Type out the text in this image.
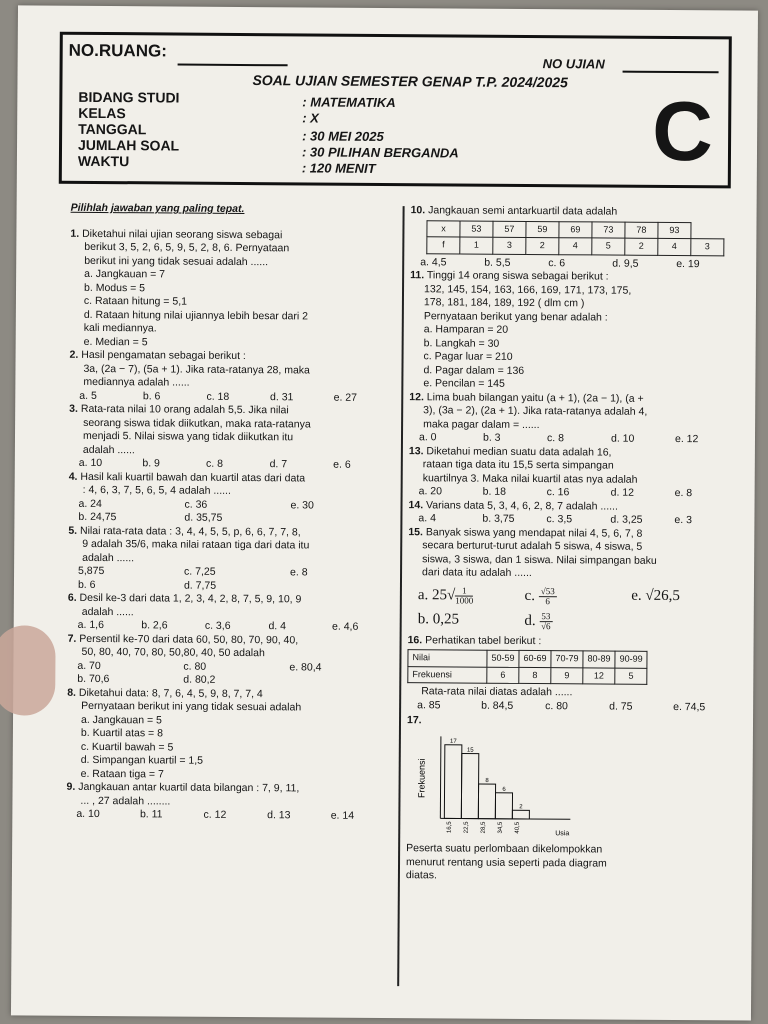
NO.RUANG:
NO UJIAN
SOAL UJIAN SEMESTER GENAP T.P. 2024/2025
BIDANG STUDI	: MATEMATIKA
KELAS	: X
TANGGAL	: 30 MEI 2025
JUMLAH SOAL	: 30 PILIHAN BERGANDA
WAKTU	: 120 MENIT	C

Pilihlah jawaban yang paling tepat.

1. Diketahui nilai ujian seorang siswa sebagai

berikut 3, 5, 2, 6, 5, 9, 5, 2, 8, 6. Pernyataan

berikut ini yang tidak sesuai adalah ......

a. Jangkauan = 7

b. Modus = 5

c. Rataan hitung = 5,1

d. Rataan hitung nilai ujiannya lebih besar dari 2

kali mediannya.

e. Median = 5

2. Hasil pengamatan sebagai berikut :

3a, (2a − 7), (5a + 1). Jika rata-ratanya 28, maka

mediannya adalah ......

a. 5	b. 6	c. 18	d. 31	e. 27

3. Rata-rata nilai 10 orang adalah 5,5. Jika nilai

seorang siswa tidak diikutkan, maka rata-ratanya

menjadi 5. Nilai siswa yang tidak diikutkan itu

adalah ......

a. 10	b. 9	c. 8	d. 7	e. 6

4. Hasil kali kuartil bawah dan kuartil atas dari data

: 4, 6, 3, 7, 5, 6, 5, 4 adalah ......

a. 24	c. 36	e. 30
b. 24,75	d. 35,75

5. Nilai rata-rata data : 3, 4, 4, 5, 5, p, 6, 6, 7, 7, 8,

9 adalah 35/6, maka nilai rataan tiga dari data itu

adalah ......

5,875	c. 7,25	e. 8
b. 6	d. 7,75

6. Desil ke-3 dari data 1, 2, 3, 4, 2, 8, 7, 5, 9, 10, 9

adalah ......

a. 1,6	b. 2,6	c. 3,6	d. 4	e. 4,6

7. Persentil ke-70 dari data 60, 50, 80, 70, 90, 40,

50, 80, 40, 70, 80, 50,80, 40, 50 adalah

a. 70	c. 80	e. 80,4
b. 70,6	d. 80,2

8. Diketahui data: 8, 7, 6, 4, 5, 9, 8, 7, 7, 4

Pernyataan berikut ini yang tidak sesuai adalah

a. Jangkauan = 5

b. Kuartil atas = 8

c. Kuartil bawah = 5

d. Simpangan kuartil = 1,5

e. Rataan tiga = 7

9. Jangkauan antar kuartil data bilangan : 7, 9, 11,

... , 27 adalah ........

a. 10	b. 11	c. 12	d. 13	e. 14

10. Jangkauan semi antarkuartil data adalah

x	53	57	59	69	73	78	93	
f	1	3	2	4	5	2	4	3
a. 4,5	b. 5,5	c. 6	d. 9,5	e. 19

11. Tinggi 14 orang siswa sebagai berikut :

132, 145, 154, 163, 166, 169, 171, 173, 175,

178, 181, 184, 189, 192 ( dlm cm )

Pernyataan berikut yang benar adalah :

a. Hamparan = 20

b. Langkah = 30

c. Pagar luar = 210

d. Pagar dalam = 136

e. Pencilan = 145

12. Lima buah bilangan yaitu (a + 1), (2a − 1), (a +

3), (3a − 2), (2a + 1). Jika rata-ratanya adalah 4,

maka pagar dalam = ......

a. 0	b. 3	c. 8	d. 10	e. 12

13. Diketahui median suatu data adalah 16,

rataan tiga data itu 15,5 serta simpangan

kuartilnya 3. Maka nilai kuartil atas nya adalah

a. 20	b. 18	c. 16	d. 12	e. 8

14. Varians data 5, 3, 4, 6, 2, 8, 7 adalah ......

a. 4	b. 3,75	c. 3,5	d. 3,25	e. 3

15. Banyak siswa yang mendapat nilai 4, 5, 6, 7, 8

secara berturut-turut adalah 5 siswa, 4 siswa, 5

siswa, 3 siswa, dan 1 siswa. Nilai simpangan baku

dari data itu adalah ......

a. $25√ \frac{1}{1000}$	c. $\frac{√53}{6}$	e. √26,5
b. 0,25	d. $\frac{53}{√6}$

16. Perhatikan tabel berikut :

Nilai	50-59	60-69	70-79	80-89	90-99
Frekuensi	6	8	9	12	5

Rata-rata nilai diatas adalah ......

a. 85	b. 84,5	c. 80	d. 75	e. 74,5

17.

17
16,5
15
22,5
8
28,5
6
34,5
2
40,5
Frekuensi
Usia

Peserta suatu perlombaan dikelompokkan

menurut rentang usia seperti pada diagram

diatas.
